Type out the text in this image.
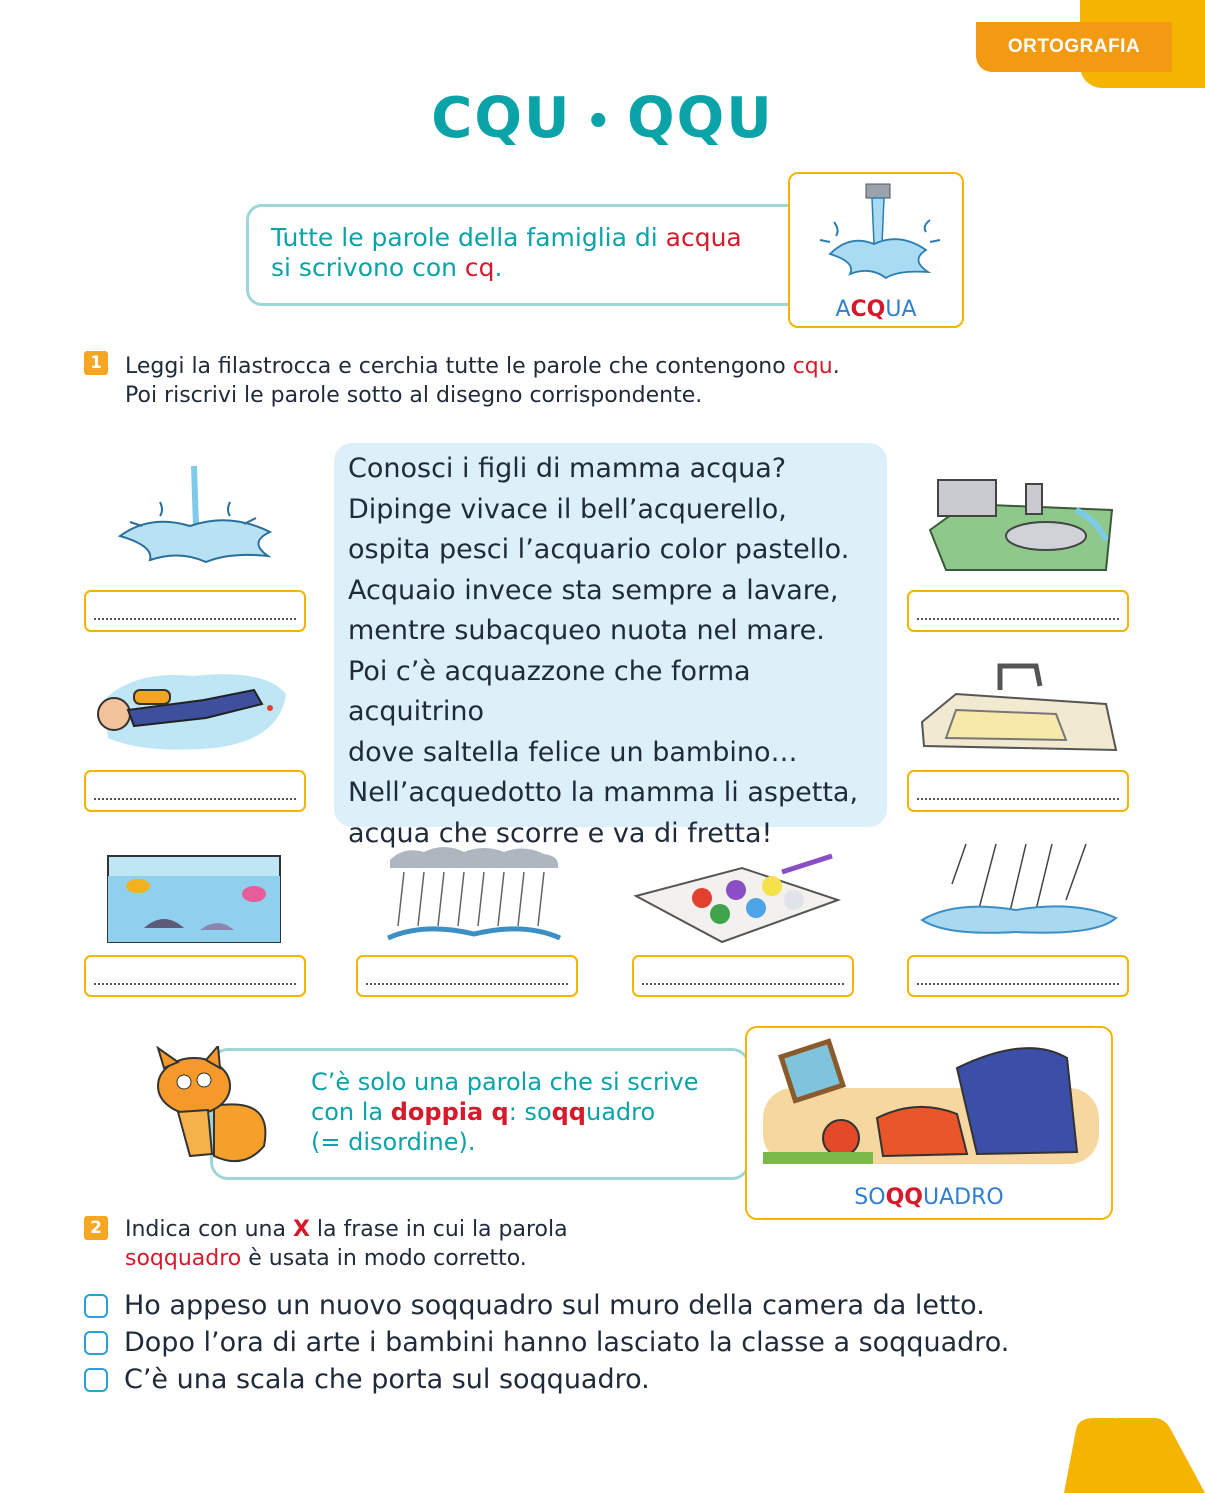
ORTOGRAFIA
CQU • QQU
Tutte le parole della famiglia di acqua
si scrivono con cq.
ACQUA
1 Leggi la filastrocca e cerchia tutte le parole che contengono cqu.
Poi riscrivi le parole sotto al disegno corrispondente.
Conosci i figli di mamma acqua?
Dipinge vivace il bell’acquerello,
ospita pesci l’acquario color pastello.
Acquaio invece sta sempre a lavare,
mentre subacqueo nuota nel mare.
Poi c’è acquazzone che forma acquitrino
dove saltella felice un bambino…
Nell’acquedotto la mamma li aspetta,
acqua che scorre e va di fretta!
C’è solo una parola che si scrive
con la doppia q: soqquadro
(= disordine).
SOQQUADRO
2 Indica con una X la frase in cui la parola
soqquadro è usata in modo corretto.
Ho appeso un nuovo soqquadro sul muro della camera da letto.
Dopo l’ora di arte i bambini hanno lasciato la classe a soqquadro.
C’è una scala che porta sul soqquadro.
29
